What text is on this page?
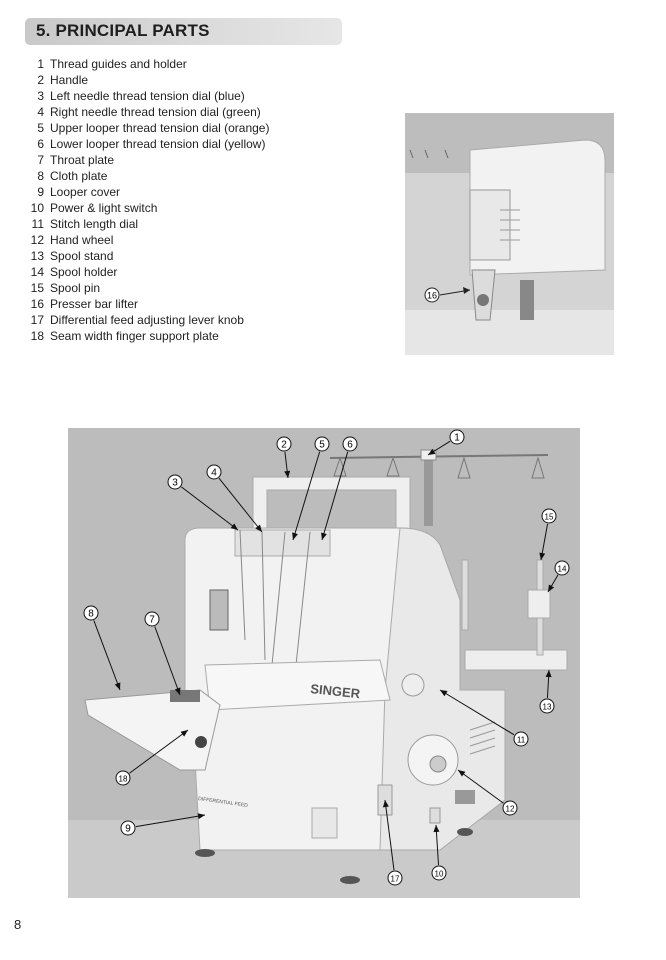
5. PRINCIPAL PARTS
1 Thread guides and holder
2 Handle
3 Left needle thread tension dial (blue)
4 Right needle thread tension dial (green)
5 Upper looper thread tension dial (orange)
6 Lower looper thread tension dial (yellow)
7 Throat plate
8 Cloth plate
9 Looper cover
10 Power & light switch
11 Stitch length dial
12 Hand wheel
13 Spool stand
14 Spool holder
15 Spool pin
16 Presser bar lifter
17 Differential feed adjusting lever knob
18 Seam width finger support plate
16
SINGER
DIFFERENTIAL FEED
1
2
3
4
5 6
7
8
9
10
11
12
13
14
15
17
18
8
